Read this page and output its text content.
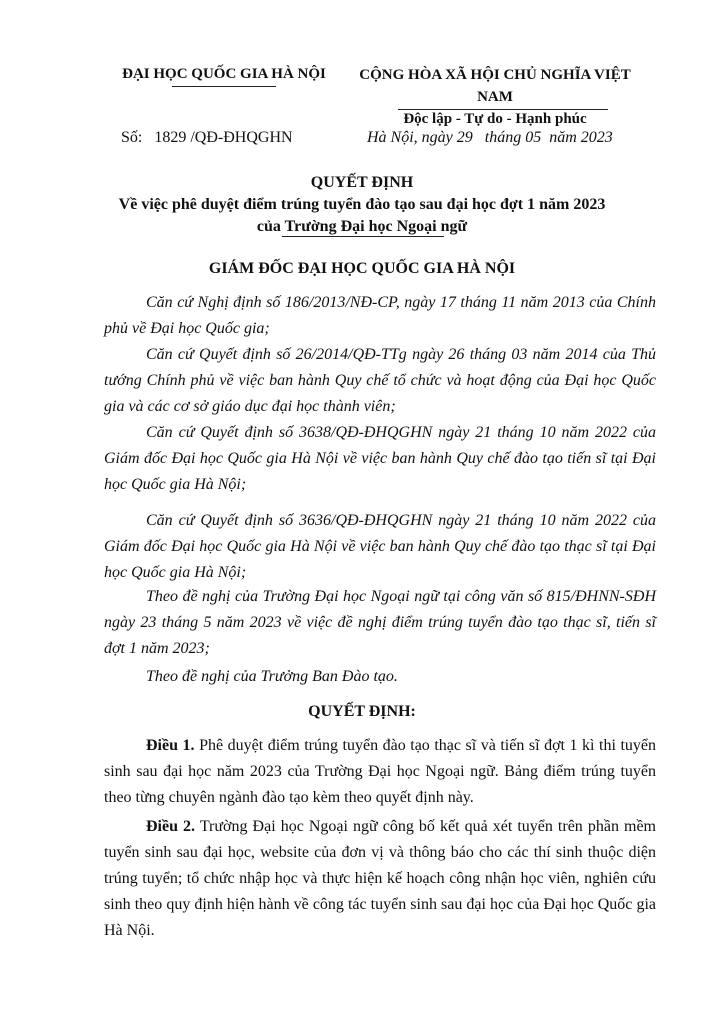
ĐẠI HỌC QUỐC GIA HÀ NỘI	CỘNG HÒA XÃ HỘI CHỦ NGHĨA VIỆT NAM
Độc lập - Tự do - Hạnh phúc
Số: 1829 /QĐ-ĐHQGHN	Hà Nội, ngày 29   tháng 05  năm 2023
QUYẾT ĐỊNH
Về việc phê duyệt điểm trúng tuyển đào tạo sau đại học đợt 1 năm 2023
của Trường Đại học Ngoại ngữ
GIÁM ĐỐC ĐẠI HỌC QUỐC GIA HÀ NỘI
Căn cứ Nghị định số 186/2013/NĐ-CP, ngày 17 tháng 11 năm 2013 của Chính phủ về Đại học Quốc gia;
Căn cứ Quyết định số 26/2014/QĐ-TTg ngày 26 tháng 03 năm 2014 của Thủ tướng Chính phủ về việc ban hành Quy chế tổ chức và hoạt động của Đại học Quốc gia và các cơ sở giáo dục đại học thành viên;
Căn cứ Quyết định số 3638/QĐ-ĐHQGHN ngày 21 tháng 10 năm 2022 của Giám đốc Đại học Quốc gia Hà Nội về việc ban hành Quy chế đào tạo tiến sĩ tại Đại học Quốc gia Hà Nội;
Căn cứ Quyết định số 3636/QĐ-ĐHQGHN ngày 21 tháng 10 năm 2022 của Giám đốc Đại học Quốc gia Hà Nội về việc ban hành Quy chế đào tạo thạc sĩ tại Đại học Quốc gia Hà Nội;
Theo đề nghị của Trường Đại học Ngoại ngữ tại công văn số 815/ĐHNN-SĐH ngày 23 tháng 5 năm 2023 về việc đề nghị điểm trúng tuyển đào tạo thạc sĩ, tiến sĩ đợt 1 năm 2023;
Theo đề nghị của Trưởng Ban Đào tạo.
QUYẾT ĐỊNH:
Điều 1. Phê duyệt điểm trúng tuyển đào tạo thạc sĩ và tiến sĩ đợt 1 kì thi tuyển sinh sau đại học năm 2023 của Trường Đại học Ngoại ngữ. Bảng điểm trúng tuyển theo từng chuyên ngành đào tạo kèm theo quyết định này.
Điều 2. Trường Đại học Ngoại ngữ công bố kết quả xét tuyển trên phần mềm tuyển sinh sau đại học, website của đơn vị và thông báo cho các thí sinh thuộc diện trúng tuyển; tổ chức nhập học và thực hiện kế hoạch công nhận học viên, nghiên cứu sinh theo quy định hiện hành về công tác tuyển sinh sau đại học của Đại học Quốc gia Hà Nội.
